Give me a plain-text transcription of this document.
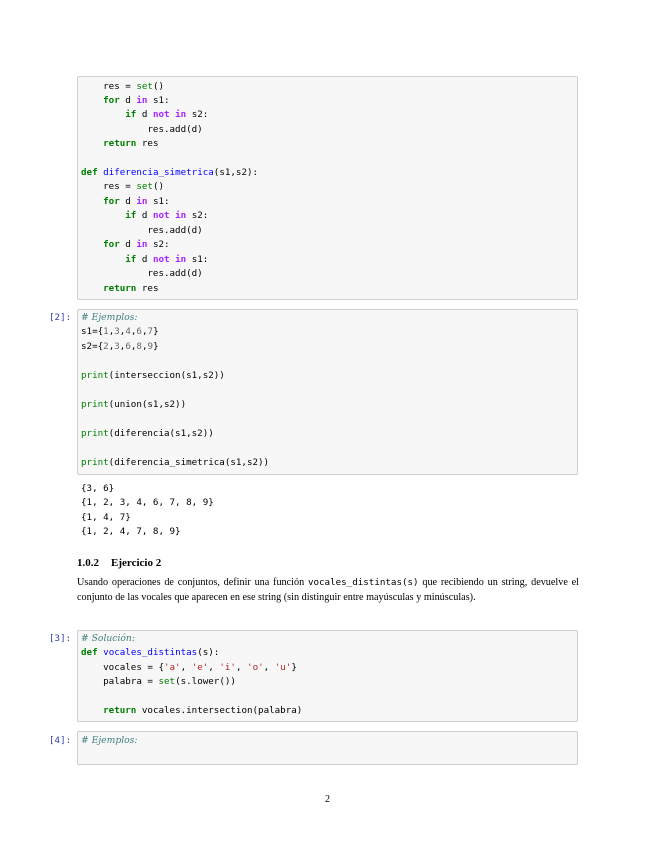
res = set()
for d in s1:
if d not in s2:
res.add(d)
return res
def diferencia_simetrica(s1,s2):
res = set()
for d in s1:
if d not in s2:
res.add(d)
for d in s2:
if d not in s1:
res.add(d)
return res
[2]: # Ejemplos:
s1={1,3,4,6,7}
s2={2,3,6,8,9}
print(interseccion(s1,s2))
print(union(s1,s2))
print(diferencia(s1,s2))
print(diferencia_simetrica(s1,s2))
{3, 6}
{1, 2, 3, 4, 6, 7, 8, 9}
{1, 4, 7}
{1, 2, 4, 7, 8, 9}
1.0.2 Ejercicio 2
Usando operaciones de conjuntos, definir una función vocales_distintas(s) que recibiendo un string, devuelve el conjunto de las vocales que aparecen en ese string (sin distinguir entre mayúsculas y minúsculas).
[3]: # Solución:
def vocales_distintas(s):
vocales = {'a', 'e', 'i', 'o', 'u'}
palabra = set(s.lower())
return vocales.intersection(palabra)
[4]: # Ejemplos:
2
